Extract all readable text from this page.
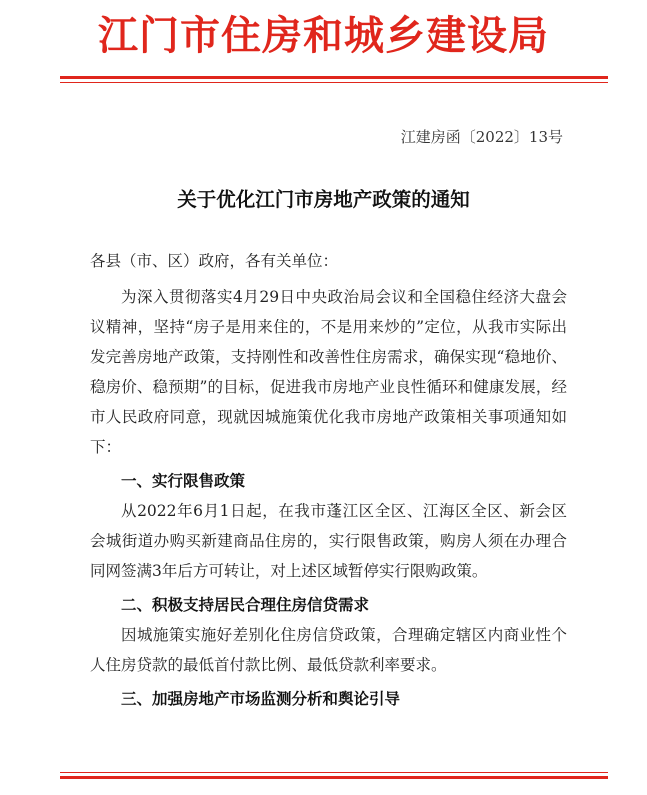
江门市住房和城乡建设局
江建房函〔2022〕13号
关于优化江门市房地产政策的通知

各县（市、区）政府，各有关单位：

为深入贯彻落实4月29日中央政治局会议和全国稳住经济大盘会议精神，坚持“房子是用来住的，不是用来炒的”定位，从我市实际出发完善房地产政策，支持刚性和改善性住房需求，确保实现“稳地价、稳房价、稳预期”的目标，促进我市房地产业良性循环和健康发展，经市人民政府同意，现就因城施策优化我市房地产政策相关事项通知如下：

一、实行限售政策

从2022年6月1日起，在我市蓬江区全区、江海区全区、新会区会城街道办购买新建商品住房的，实行限售政策，购房人须在办理合同网签满3年后方可转让，对上述区域暂停实行限购政策。

二、积极支持居民合理住房信贷需求

因城施策实施好差别化住房信贷政策，合理确定辖区内商业性个人住房贷款的最低首付款比例、最低贷款利率要求。

三、加强房地产市场监测分析和舆论引导
